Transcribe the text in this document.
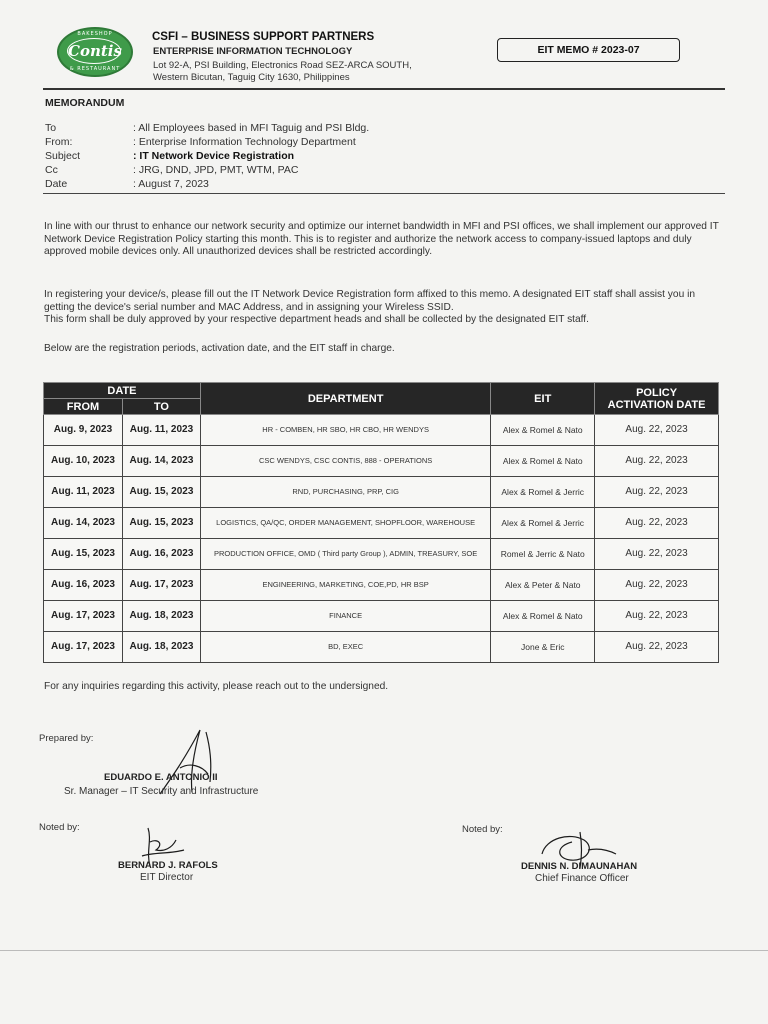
BAKESHOP
Contis
& RESTAURANT
CSFI – BUSINESS SUPPORT PARTNERS
ENTERPRISE INFORMATION TECHNOLOGY
Lot 92-A, PSI Building, Electronics Road SEZ-ARCA SOUTH,
Western Bicutan, Taguig City 1630, Philippines
EIT MEMO # 2023-07
MEMORANDUM
To	: All Employees based in MFI Taguig and PSI Bldg.
From:	: Enterprise Information Technology Department
Subject	: IT Network Device Registration
Cc	: JRG, DND, JPD, PMT, WTM, PAC
Date	: August 7, 2023
In line with our thrust to enhance our network security and optimize our internet bandwidth in MFI and PSI offices, we shall implement our approved IT Network Device Registration Policy starting this month. This is to register and authorize the network access to company-issued laptops and duly approved mobile devices only. All unauthorized devices shall be restricted accordingly.
In registering your device/s, please fill out the IT Network Device Registration form affixed to this memo. A designated EIT staff shall assist you in getting the device's serial number and MAC Address, and in assigning your Wireless SSID.
This form shall be duly approved by your respective department heads and shall be collected by the designated EIT staff.
Below are the registration periods, activation date, and the EIT staff in charge.
DATE		DEPARTMENT	EIT	POLICY
ACTIVATION DATE

FROM	TO			
Aug. 9, 2023	Aug. 11, 2023	HR - COMBEN, HR SBO, HR CBO, HR WENDYS	Alex & Romel & Nato	Aug. 22, 2023
Aug. 10, 2023	Aug. 14, 2023	CSC WENDYS, CSC CONTIS, 888 - OPERATIONS	Alex & Romel & Nato	Aug. 22, 2023
Aug. 11, 2023	Aug. 15, 2023	RND, PURCHASING, PRP, CIG	Alex & Romel & Jerric	Aug. 22, 2023
Aug. 14, 2023	Aug. 15, 2023	LOGISTICS, QA/QC, ORDER MANAGEMENT, SHOPFLOOR, WAREHOUSE	Alex & Romel & Jerric	Aug. 22, 2023
Aug. 15, 2023	Aug. 16, 2023	PRODUCTION OFFICE, OMD ( Third party Group ), ADMIN, TREASURY, SOE	Romel & Jerric & Nato	Aug. 22, 2023
Aug. 16, 2023	Aug. 17, 2023	ENGINEERING, MARKETING, COE,PD, HR BSP	Alex & Peter & Nato	Aug. 22, 2023
Aug. 17, 2023	Aug. 18, 2023	FINANCE	Alex & Romel & Nato	Aug. 22, 2023
Aug. 17, 2023	Aug. 18, 2023	BD, EXEC	Jone & Eric	Aug. 22, 2023
For any inquiries regarding this activity, please reach out to the undersigned.
Prepared by:
EDUARDO E. ANTONIO II
Sr. Manager – IT Security and Infrastructure
Noted by:
BERNARD J. RAFOLS
EIT Director
Noted by:
DENNIS N. DIMAUNAHAN
Chief Finance Officer
